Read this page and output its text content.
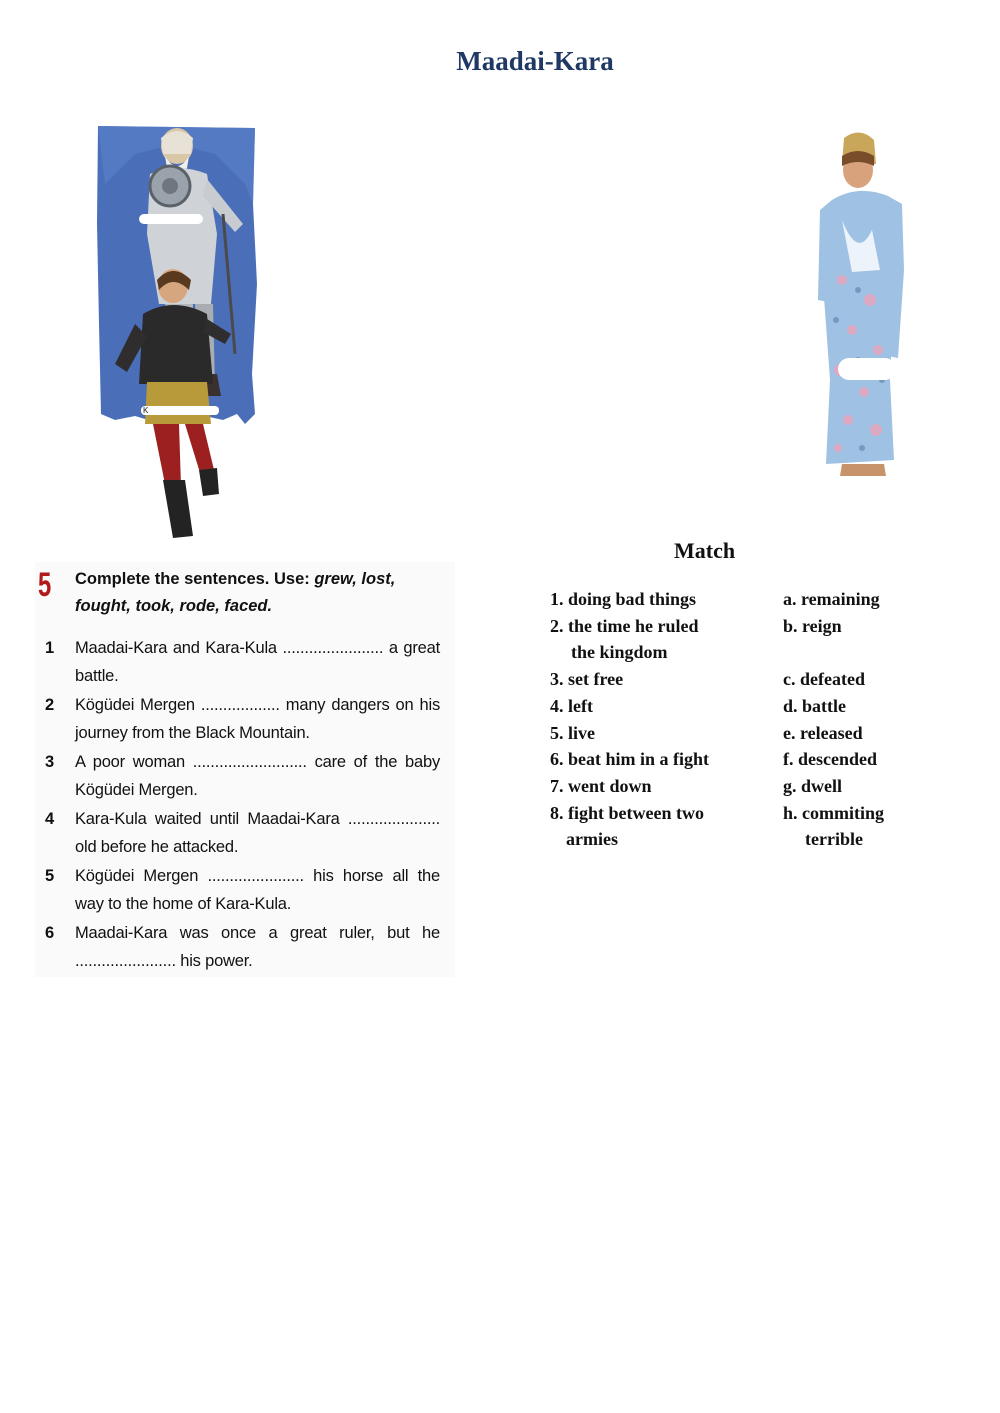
Maadai-Kara
K
5 Complete the sentences. Use: grew, lost, fought, took, rode, faced.
1 Maadai-Kara and Kara-Kula ....................... a great battle.
2 Kögüdei Mergen .................. many dangers on his journey from the Black Mountain.
3 A poor woman .......................... care of the baby Kögüdei Mergen.
4 Kara-Kula waited until Maadai-Kara ..................... old before he attacked.
5 Kögüdei Mergen ...................... his horse all the way to the home of Kara-Kula.
6 Maadai-Kara was once a great ruler, but he ....................... his power.
Match
1. doing bad things
2. the time he ruled
the kingdom
3. set free
4. left
5. live
6. beat him in a fight
7. went down
8. fight between two
armies
a. remaining
b. reign

c. defeated
d. battle
e. released
f. descended
g. dwell
h. commiting
terrible
